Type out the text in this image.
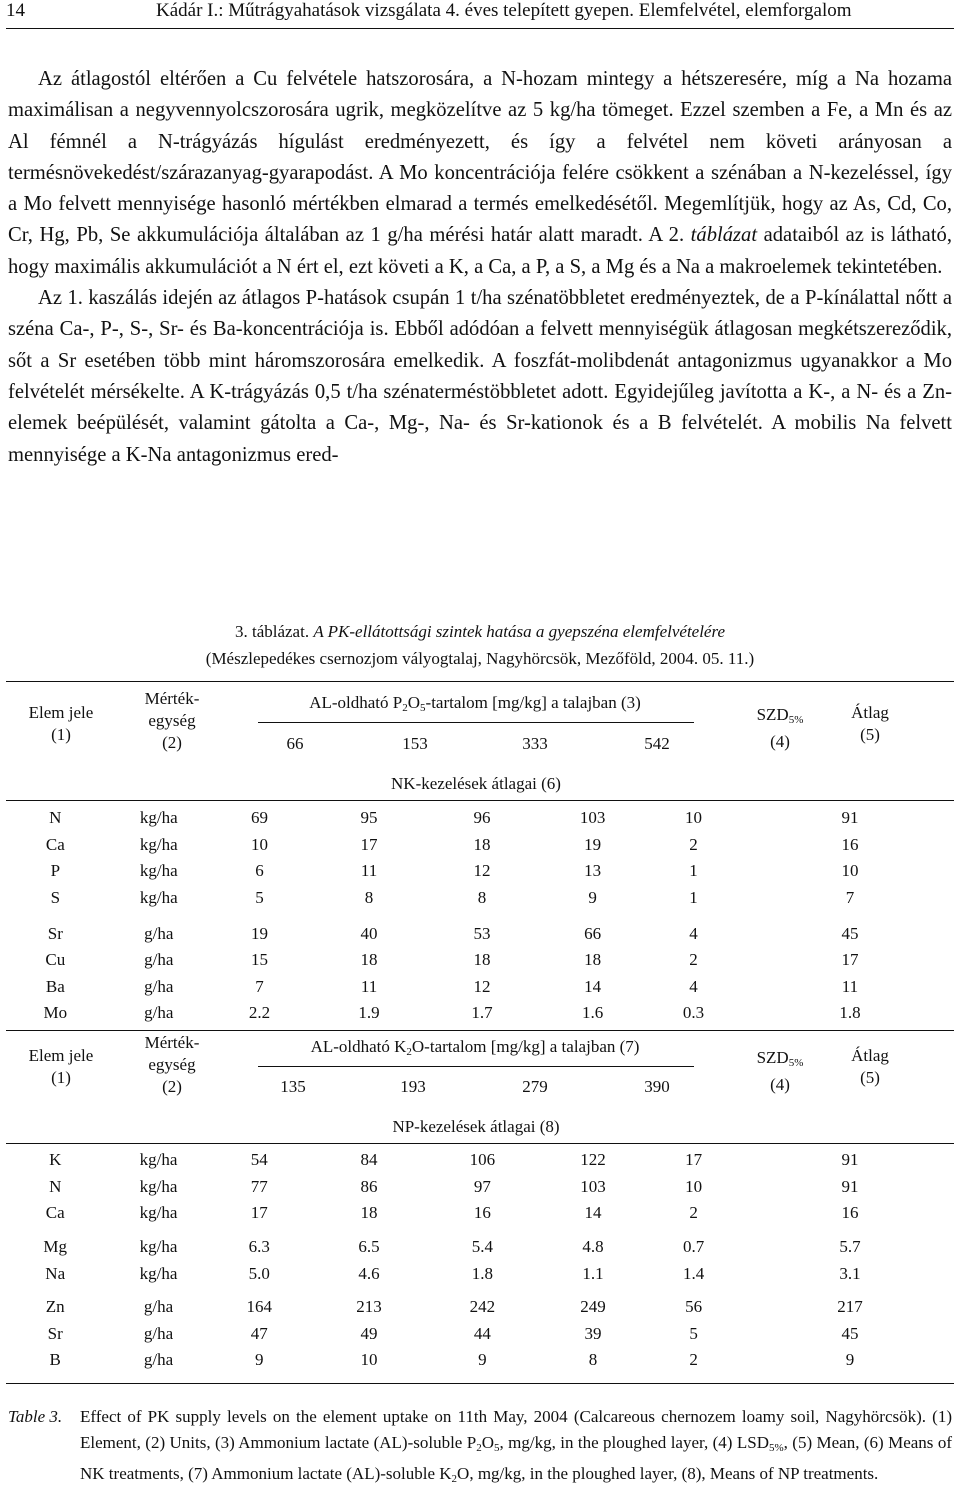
14	Kádár I.: Műtrágyahatások vizsgálata 4. éves telepített gyepen. Elemfelvétel, elemforgalom

Az átlagostól eltérően a Cu felvétele hatszorosára, a N-hozam mintegy a hétszeresére, míg a Na hozama maximálisan a negyvennyolcszorosára ugrik, megközelítve az 5 kg/ha tömeget. Ezzel szemben a Fe, a Mn és az Al fémnél a N-trágyázás hígulást eredményezett, és így a felvétel nem követi arányosan a termésnövekedést/szárazanyag-gyarapodást. A Mo koncentrációja felére csökkent a szénában a N-kezeléssel, így a Mo felvett mennyisége hasonló mértékben elmarad a termés emelkedésétől. Megemlítjük, hogy az As, Cd, Co, Cr, Hg, Pb, Se akkumulációja általában az 1 g/ha mérési határ alatt maradt. A 2. táblázat adataiból az is látható, hogy maximális akkumulációt a N ért el, ezt követi a K, a Ca, a P, a S, a Mg és a Na a makroelemek tekintetében.

Az 1. kaszálás idején az átlagos P-hatások csupán 1 t/ha szénatöbbletet eredményeztek, de a P-kínálattal nőtt a széna Ca-, P-, S-, Sr- és Ba-koncentrációja is. Ebből adódóan a felvett mennyiségük átlagosan megkétszereződik, sőt a Sr esetében több mint háromszorosára emelkedik. A foszfát-molibdenát antagonizmus ugyanakkor a Mo felvételét mérsékelte. A K-trágyázás 0,5 t/ha szénaterméstöbbletet adott. Egyidejűleg javította a K-, a N- és a Zn-elemek beépülését, valamint gátolta a Ca-, Mg-, Na- és Sr-kationok és a B felvételét. A mobilis Na felvett mennyisége a K-Na antagonizmus ered-

3. táblázat. A PK-ellátottsági szintek hatása a gyepszéna elemfelvételére
(Mészlepedékes csernozjom vályogtalaj, Nagyhörcsök, Mezőföld, 2004. 05. 11.)
Elem jele
(1)
Mérték-
egység
(2)
AL-oldható $P_2O_5$-tartalom [mg/kg] a talajban (3)
66	153	333	542
$SZD_{5\%}$
(4)
Átlag
(5)
NK-kezelések átlagai (6)
N	kg/ha	69	95	96	103	10	91
Ca	kg/ha	10	17	18	19	2	16
P	kg/ha	6	11	12	13	1	10
S	kg/ha	5	8	8	9	1	7

Sr	g/ha	19	40	53	66	4	45
Cu	g/ha	15	18	18	18	2	17
Ba	g/ha	7	11	12	14	4	11
Mo	g/ha	2.2	1.9	1.7	1.6	0.3	1.8
Elem jele
(1)
Mérték-
egység
(2)
AL-oldható $K_2O$-tartalom [mg/kg] a talajban (7)
135	193	279	390
$SZD_{5\%}$
(4)
Átlag
(5)
NP-kezelések átlagai (8)
K	kg/ha	54	84	106	122	17	91
N	kg/ha	77	86	97	103	10	91
Ca	kg/ha	17	18	16	14	2	16

Mg	kg/ha	6.3	6.5	5.4	4.8	0.7	5.7
Na	kg/ha	5.0	4.6	1.8	1.1	1.4	3.1

Zn	g/ha	164	213	242	249	56	217
Sr	g/ha	47	49	44	39	5	45
B	g/ha	9	10	9	8	2	9
Table 3. Effect of PK supply levels on the element uptake on 11th May, 2004 (Calcareous chernozem loamy soil, Nagyhörcsök). (1) Element, (2) Units, (3) Ammonium lactate (AL)-soluble $P_2O_5$, mg/kg, in the ploughed layer, (4) $LSD_{5\%}$, (5) Mean, (6) Means of NK treatments, (7) Ammonium lactate (AL)-soluble $K_2O$, mg/kg, in the ploughed layer, (8), Means of NP treatments.
